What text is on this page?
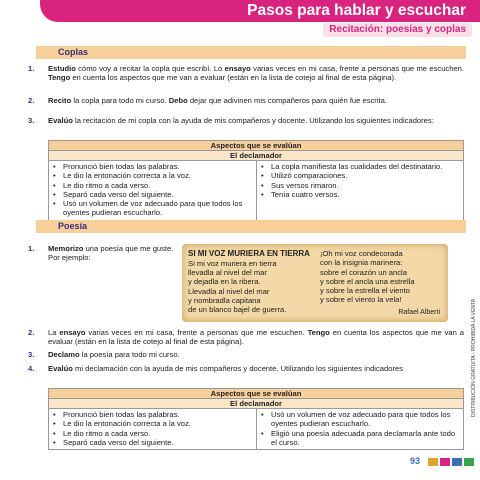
Pasos para hablar y escuchar
Recitación: poesías y coplas
Coplas
1. Estudio cómo voy a recitar la copla que escribí. Lo ensayo varias veces en mi casa, frente a personas que me escuchen. Tengo en cuenta los aspectos que me van a evaluar (están en la lista de cotejo al final de esta página).
2. Recito la copla para todo mi curso. Debo dejar que adivinen mis compañeros para quién fue escrita.
3. Evalúo la recitación de mi copla con la ayuda de mis compañeros y docente. Utilizando los siguientes indicadores:
Aspectos que se evalúan
El declamador
• Pronunció bien todas las palabras.
• Le dio la entonación correcta a la voz.
• Le dio ritmo a cada verso.
• Separó cada verso del siguiente.
• Usó un volumen de voz adecuado para que todos los oyentes pudieran escucharlo.
• La copla manifiesta las cualidades del destinatario.
• Utilizó comparaciones.
• Sus versos rimaron.
• Tenía cuatro versos.
Poesía
1. Memorizo una poesía que me guste. Por ejemplo:	SI MI VOZ MURIERA EN TIERRA
Si mi voz muriera en tierra
llevadla al nivel del mar
y dejadla en la ribera.
Llevadla al nivel del mar
y nombradla capitana
de un blanco bajel de guerra.
¡Oh mi voz condecorada
con la insignia marinera:
sobre el corazón un ancla
y sobre el ancla una estrella
y sobre la estrella el viento
y sobre el viento la vela!
Rafael Alberti
2. La ensayo varias veces en mi casa, frente a personas que me escuchen. Tengo en cuenta los aspectos que me van a evaluar (están en la lista de cotejo al final de esta página).
3. Declamo la poesía para todo mi curso.
4. Evalúo mi declamación con la ayuda de mis compañeros y docente. Utilizando los siguientes indicadores
Aspectos que se evalúan
El declamador
• Pronunció bien todas las palabras.
• Le dio la entonación correcta a la voz.
• Le dio ritmo a cada verso.
• Separó cada verso del siguiente.
• Usó un volumen de voz adecuado para que todos los oyentes pudieran escucharlo.
• Eligió una poesía adecuada para declamarla ante todo el curso.
DISTRIBUCIÓN GRATUITA - PROHIBIDA LA VENTA
93
